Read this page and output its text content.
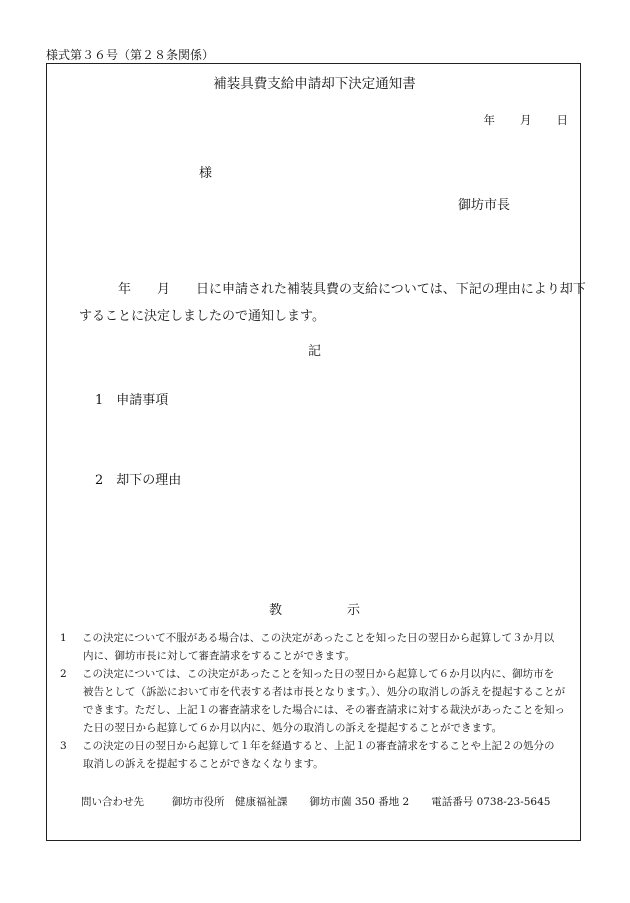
様式第３６号（第２８条関係）
補装具費支給申請却下決定通知書
年 月 日
様
御坊市長
　　　年　　月　　日に申請された補装具費の支給については、下記の理由により却下
することに決定しましたので通知します。
記
1　申請事項
2　却下の理由
教　　　　　示
1 この決定について不服がある場合は、この決定があったことを知った日の翌日から起算して３か月以
内に、御坊市長に対して審査請求をすることができます。
2 この決定については、この決定があったことを知った日の翌日から起算して６か月以内に、御坊市を
被告として（訴訟において市を代表する者は市長となります。）、処分の取消しの訴えを提起することが
できます。ただし、上記１の審査請求をした場合には、その審査請求に対する裁決があったことを知っ
た日の翌日から起算して６か月以内に、処分の取消しの訴えを提起することができます。
3 この決定の日の翌日から起算して１年を経過すると、上記１の審査請求をすることや上記２の処分の
取消しの訴えを提起することができなくなります。
問い合わせ先	御坊市役所　健康福祉課 御坊市薗 350 番地 2 電話番号 0738-23-5645
